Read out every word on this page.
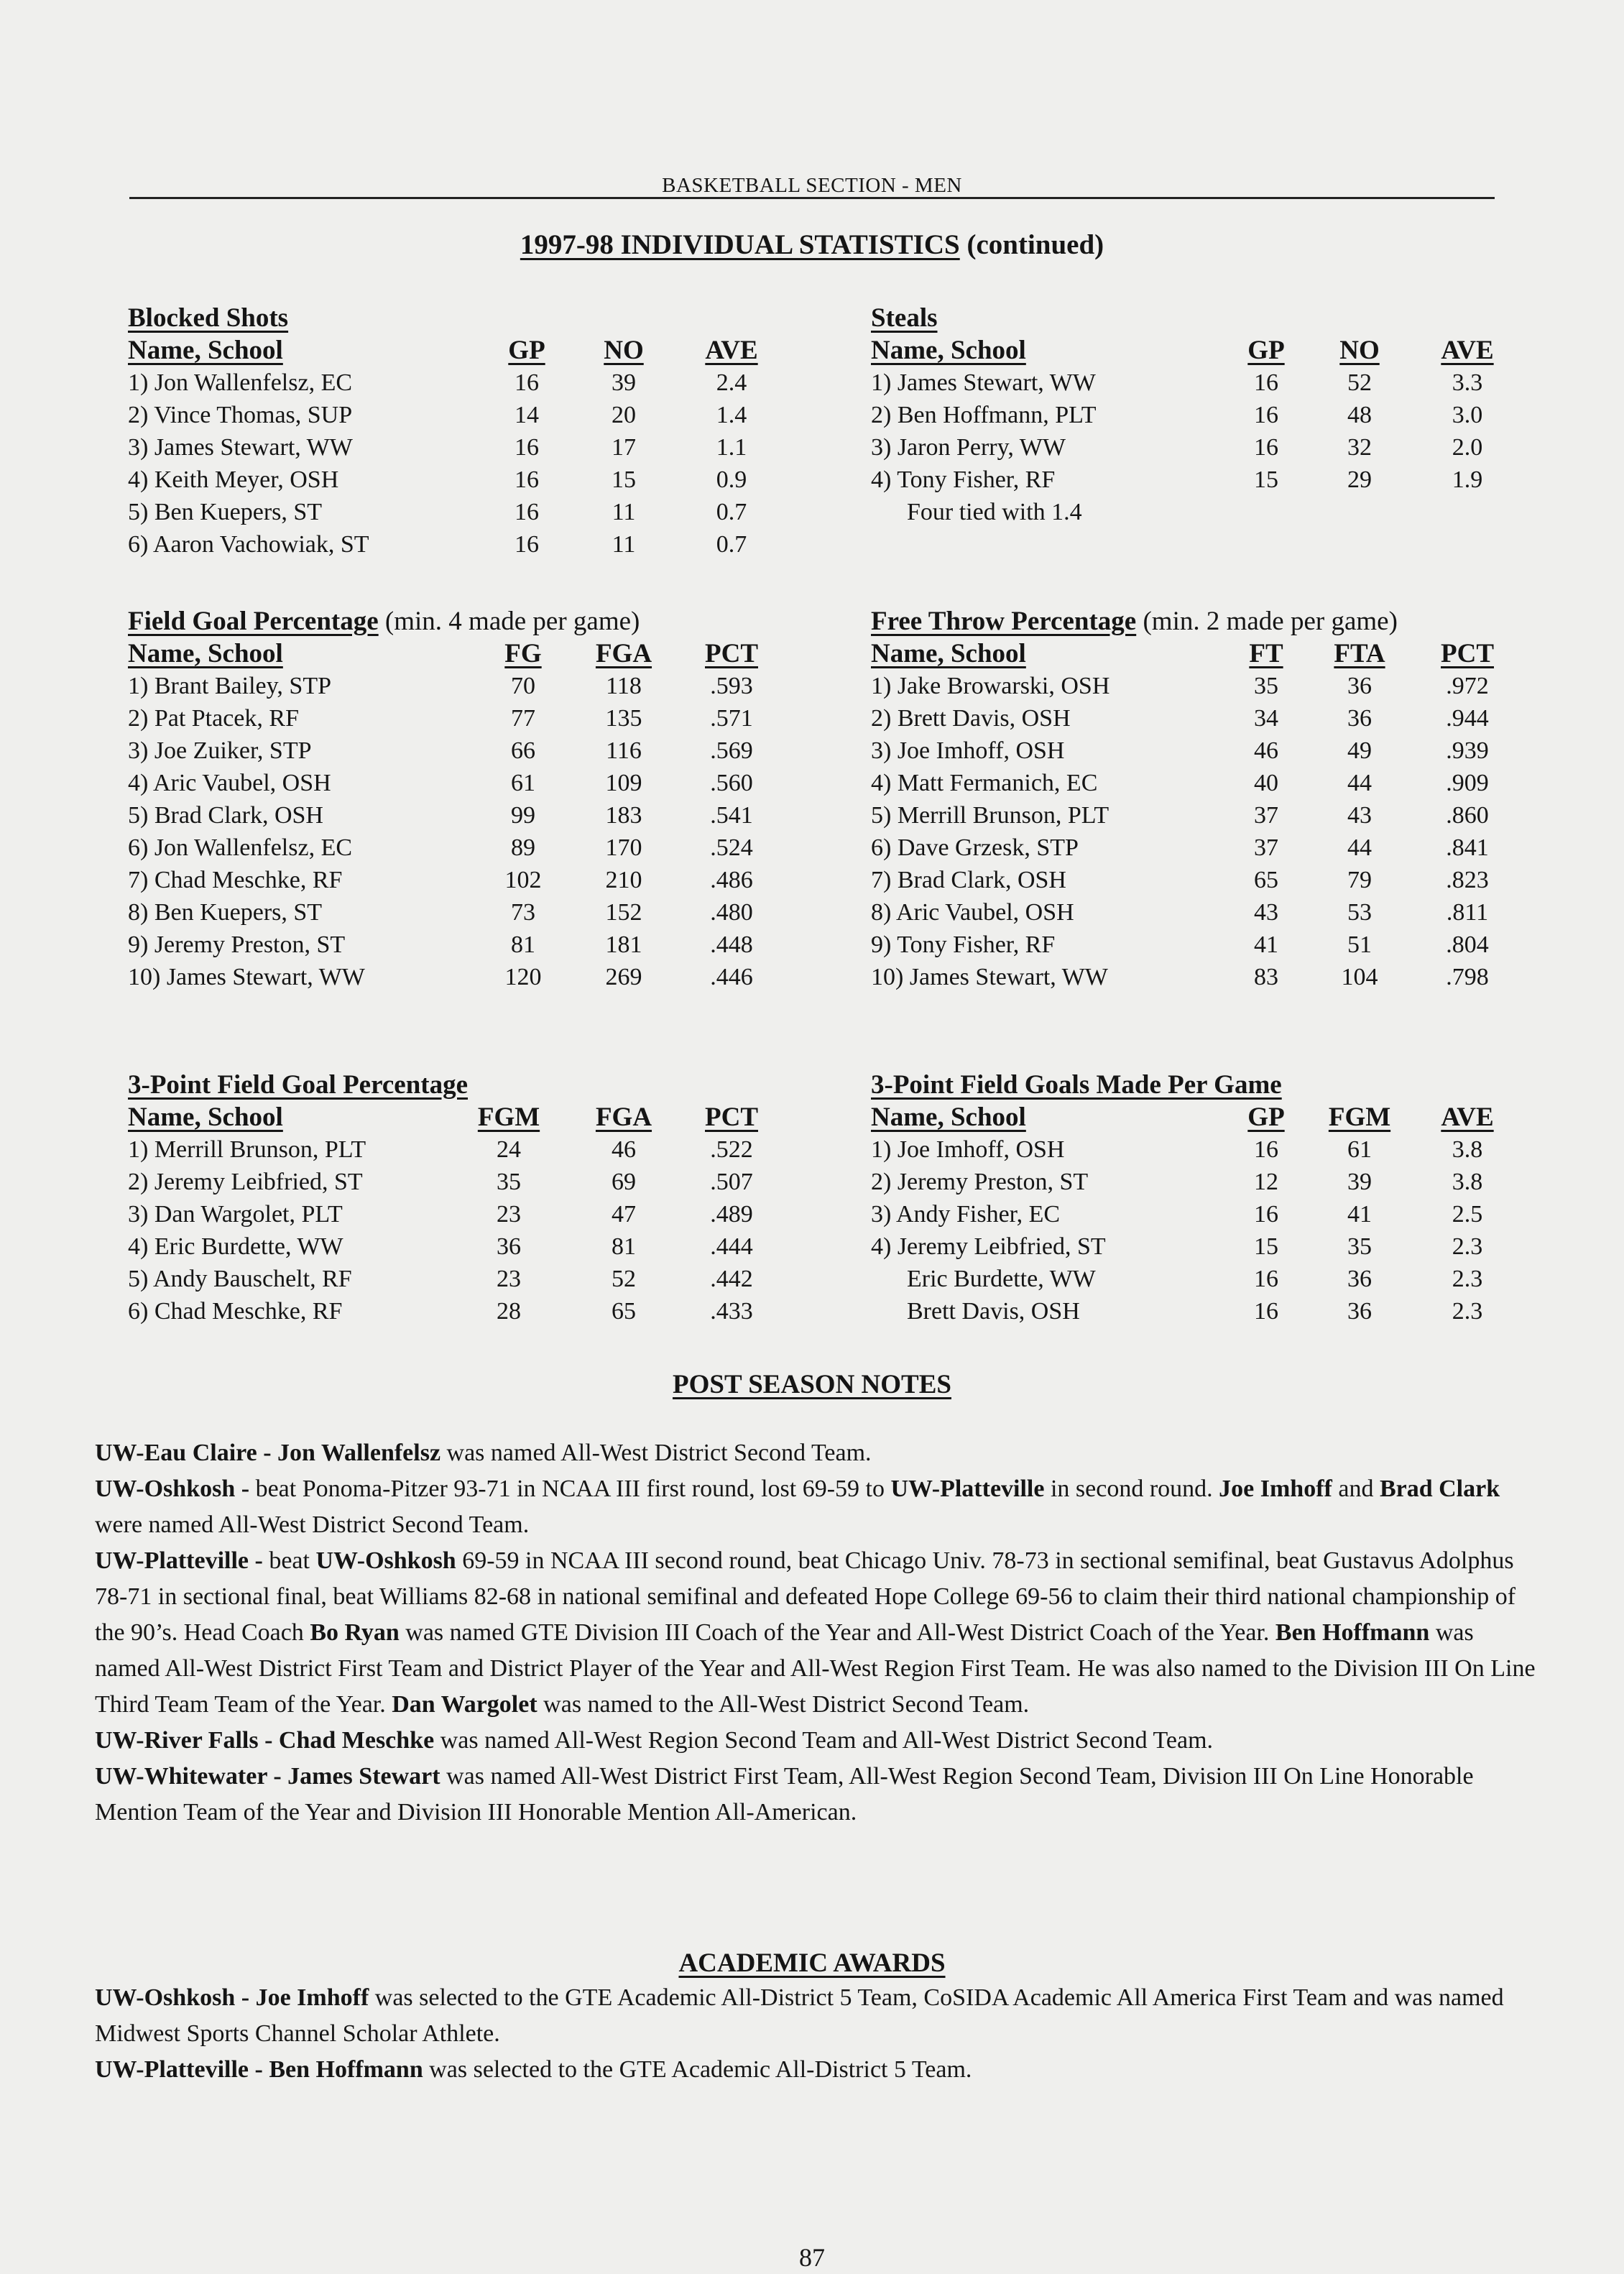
BASKETBALL SECTION - MEN
1997-98 INDIVIDUAL STATISTICS (continued)
Blocked Shots
Name, School	GP	NO	AVE
1) Jon Wallenfelsz, EC	16	39	2.4
2) Vince Thomas, SUP	14	20	1.4
3) James Stewart, WW	16	17	1.1
4) Keith Meyer, OSH	16	15	0.9
5) Ben Kuepers, ST	16	11	0.7
6) Aaron Vachowiak, ST	16	11	0.7
Steals
Name, School	GP	NO	AVE
1) James Stewart, WW	16	52	3.3
2) Ben Hoffmann, PLT	16	48	3.0
3) Jaron Perry, WW	16	32	2.0
4) Tony Fisher, RF	15	29	1.9
Four tied with 1.4
Field Goal Percentage (min. 4 made per game)
Name, School	FG	FGA	PCT
1) Brant Bailey, STP	70	118	.593
2) Pat Ptacek, RF	77	135	.571
3) Joe Zuiker, STP	66	116	.569
4) Aric Vaubel, OSH	61	109	.560
5) Brad Clark, OSH	99	183	.541
6) Jon Wallenfelsz, EC	89	170	.524
7) Chad Meschke, RF	102	210	.486
8) Ben Kuepers, ST	73	152	.480
9) Jeremy Preston, ST	81	181	.448
10) James Stewart, WW	120	269	.446
Free Throw Percentage (min. 2 made per game)
Name, School	FT	FTA	PCT
1) Jake Browarski, OSH	35	36	.972
2) Brett Davis, OSH	34	36	.944
3) Joe Imhoff, OSH	46	49	.939
4) Matt Fermanich, EC	40	44	.909
5) Merrill Brunson, PLT	37	43	.860
6) Dave Grzesk, STP	37	44	.841
7) Brad Clark, OSH	65	79	.823
8) Aric Vaubel, OSH	43	53	.811
9) Tony Fisher, RF	41	51	.804
10) James Stewart, WW	83	104	.798
3-Point Field Goal Percentage
Name, School	FGM	FGA	PCT
1) Merrill Brunson, PLT	24	46	.522
2) Jeremy Leibfried, ST	35	69	.507
3) Dan Wargolet, PLT	23	47	.489
4) Eric Burdette, WW	36	81	.444
5) Andy Bauschelt, RF	23	52	.442
6) Chad Meschke, RF	28	65	.433
3-Point Field Goals Made Per Game
Name, School	GP	FGM	AVE
1) Joe Imhoff, OSH	16	61	3.8
2) Jeremy Preston, ST	12	39	3.8
3) Andy Fisher, EC	16	41	2.5
4) Jeremy Leibfried, ST	15	35	2.3
Eric Burdette, WW	16	36	2.3
Brett Davis, OSH	16	36	2.3
POST SEASON NOTES

UW-Eau Claire - Jon Wallenfelsz was named All-West District Second Team.

UW-Oshkosh - beat Ponoma-Pitzer 93-71 in NCAA III first round, lost 69-59 to UW-Platteville in second round. Joe Imhoff and Brad Clark were named All-West District Second Team.

UW-Platteville - beat UW-Oshkosh 69-59 in NCAA III second round, beat Chicago Univ. 78-73 in sectional semifinal, beat Gustavus Adolphus 78-71 in sectional final, beat Williams 82-68 in national semifinal and defeated Hope College 69-56 to claim their third national championship of the 90’s. Head Coach Bo Ryan was named GTE Division III Coach of the Year and All-West District Coach of the Year. Ben Hoffmann was named All-West District First Team and District Player of the Year and All-West Region First Team. He was also named to the Division III On Line Third Team Team of the Year. Dan Wargolet was named to the All-West District Second Team.

UW-River Falls - Chad Meschke was named All-West Region Second Team and All-West District Second Team.

UW-Whitewater - James Stewart was named All-West District First Team, All-West Region Second Team, Division III On Line Honorable Mention Team of the Year and Division III Honorable Mention All-American.

ACADEMIC AWARDS

UW-Oshkosh - Joe Imhoff was selected to the GTE Academic All-District 5 Team, CoSIDA Academic All America First Team and was named Midwest Sports Channel Scholar Athlete.

UW-Platteville - Ben Hoffmann was selected to the GTE Academic All-District 5 Team.

87
